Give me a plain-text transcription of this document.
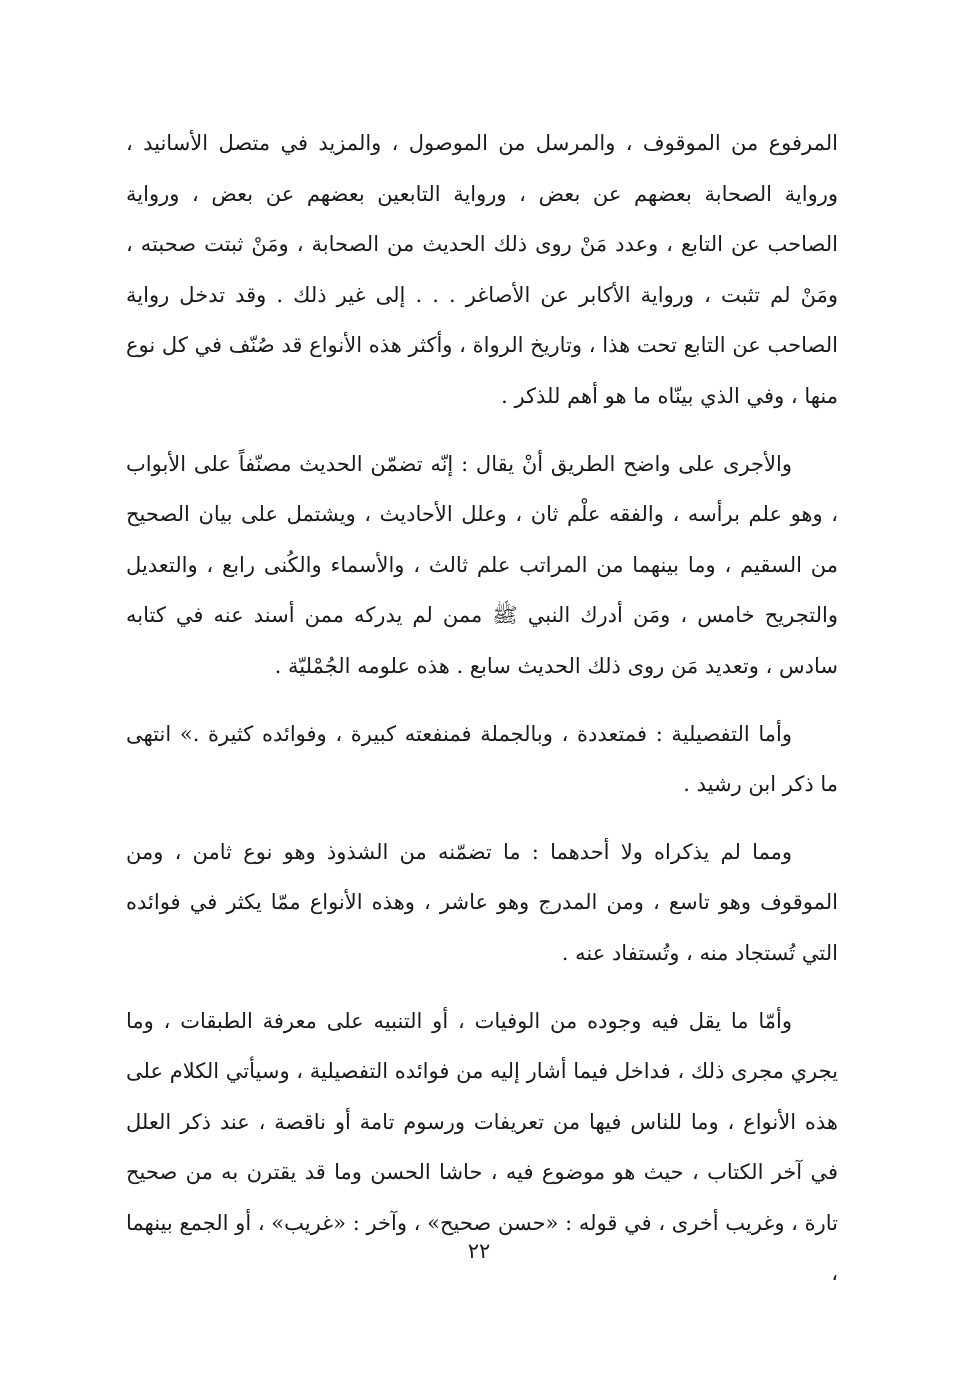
المرفوع من الموقوف ، والمرسل من الموصول ، والمزيد في متصل الأسانيد ، ورواية الصحابة بعضهم عن بعض ، ورواية التابعين بعضهم عن بعض ، ورواية الصاحب عن التابع ، وعدد مَنْ روى ذلك الحديث من الصحابة ، ومَنْ ثبتت صحبته ، ومَنْ لم تثبت ، ورواية الأكابر عن الأصاغر . . . إلى غير ذلك . وقد تدخل رواية الصاحب عن التابع تحت هذا ، وتاريخ الرواة ، وأكثر هذه الأنواع قد صُنّف في كل نوع منها ، وفي الذي بينّاه ما هو أهم للذكر .

والأجرى على واضح الطريق أنْ يقال : إنّه تضمّن الحديث مصنّفاً على الأبواب ، وهو علم برأسه ، والفقه علْم ثان ، وعلل الأحاديث ، ويشتمل على بيان الصحيح من السقيم ، وما بينهما من المراتب علم ثالث ، والأسماء والكُنى رابع ، والتعديل والتجريح خامس ، ومَن أدرك النبي ﷺ ممن لم يدركه ممن أسند عنه في كتابه سادس ، وتعديد مَن روى ذلك الحديث سابع . هذه علومه الجُمْليّة .

وأما التفصيلية : فمتعددة ، وبالجملة فمنفعته كبيرة ، وفوائده كثيرة .» انتهى ما ذكر ابن رشيد .

ومما لم يذكراه ولا أحدهما : ما تضمّنه من الشذوذ وهو نوع ثامن ، ومن الموقوف وهو تاسع ، ومن المدرج وهو عاشر ، وهذه الأنواع ممّا يكثر في فوائده التي تُستجاد منه ، وتُستفاد عنه .

وأمّا ما يقل فيه وجوده من الوفيات ، أو التنبيه على معرفة الطبقات ، وما يجري مجرى ذلك ، فداخل فيما أشار إليه من فوائده التفصيلية ، وسيأتي الكلام على هذه الأنواع ، وما للناس فيها من تعريفات ورسوم تامة أو ناقصة ، عند ذكر العلل في آخر الكتاب ، حيث هو موضوع فيه ، حاشا الحسن وما قد يقترن به من صحيح تارة ، وغريب أخرى ، في قوله : «حسن صحيح» ، وآخر : «غريب» ، أو الجمع بينهما ،

٢٢
